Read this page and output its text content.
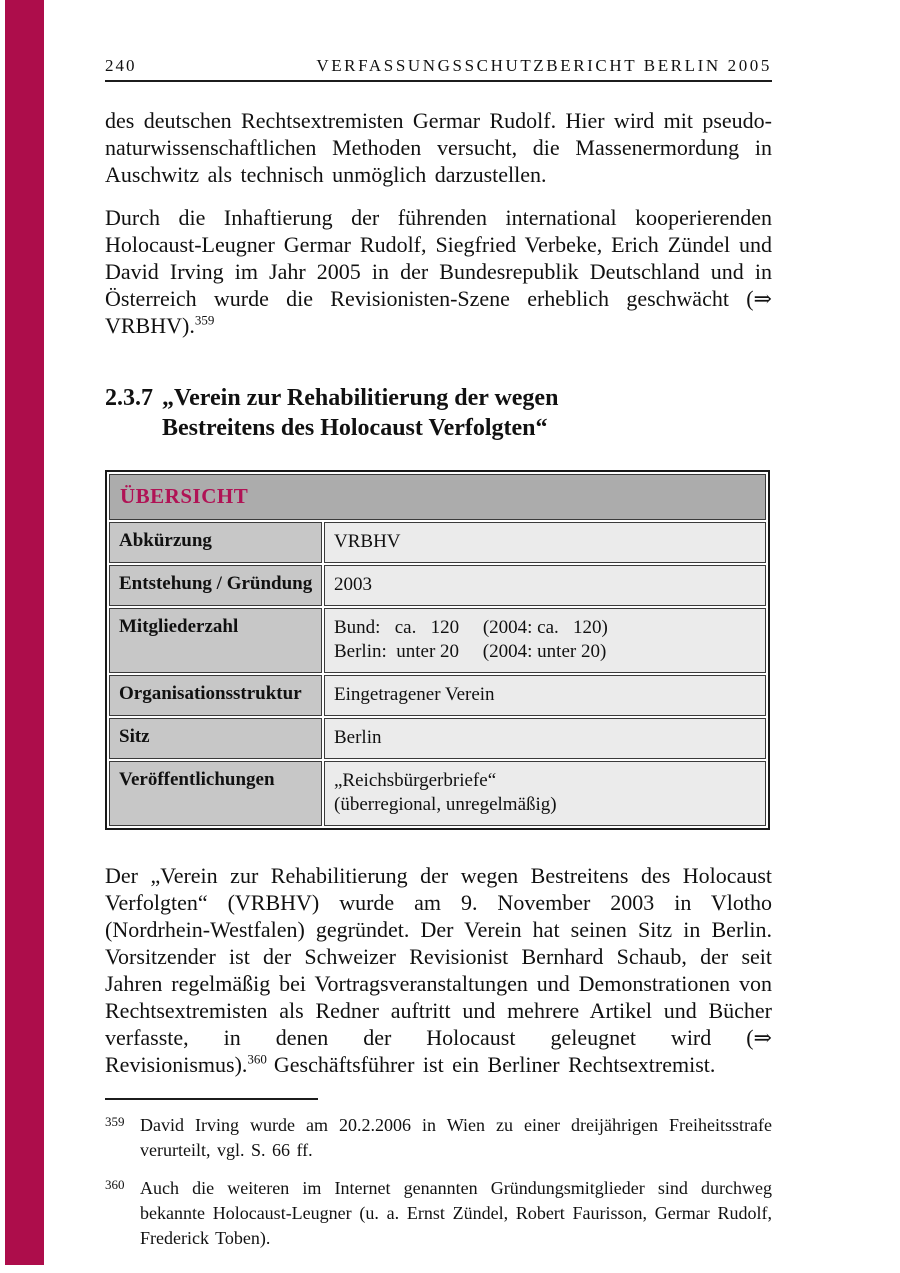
240	VERFASSUNGSSCHUTZBERICHT BERLIN 2005

des deutschen Rechtsextremisten Germar Rudolf. Hier wird mit pseudo-naturwissenschaftlichen Methoden versucht, die Massenermordung in Auschwitz als technisch unmöglich darzustellen.

Durch die Inhaftierung der führenden international kooperierenden Holocaust-Leugner Germar Rudolf, Siegfried Verbeke, Erich Zündel und David Irving im Jahr 2005 in der Bundesrepublik Deutschland und in Österreich wurde die Revisionisten-Szene erheblich geschwächt (⇒ VRBHV).$^{359}$

2.3.7 „Verein zur Rehabilitierung der wegen Bestreitens des Holocaust Verfolgten“
ÜBERSICHT	
Abkürzung	VRBHV

Entstehung / Gründung	2003

Mitgliederzahl	Bund:   ca.   120     (2004: ca.   120)
Berlin:  unter 20     (2004: unter 20)

Organisationsstruktur	Eingetragener Verein

Sitz	Berlin

Veröffentlichungen	„Reichsbürgerbriefe“
(überregional, unregelmäßig)

Der „Verein zur Rehabilitierung der wegen Bestreitens des Holocaust Verfolgten“ (VRBHV) wurde am 9. November 2003 in Vlotho (Nordrhein-Westfalen) gegründet. Der Verein hat seinen Sitz in Berlin. Vorsitzender ist der Schweizer Revisionist Bernhard Schaub, der seit Jahren regelmäßig bei Vortragsveranstaltungen und Demonstrationen von Rechtsextremisten als Redner auftritt und mehrere Artikel und Bücher verfasste, in denen der Holocaust geleugnet wird (⇒ Revisionismus).$^{360}$ Geschäftsführer ist ein Berliner Rechtsextremist.

359 David Irving wurde am 20.2.2006 in Wien zu einer dreijährigen Freiheitsstrafe verurteilt, vgl. S. 66 ff.
360 Auch die weiteren im Internet genannten Gründungsmitglieder sind durchweg bekannte Holocaust-Leugner (u. a. Ernst Zündel, Robert Faurisson, Germar Rudolf, Frederick Toben).
